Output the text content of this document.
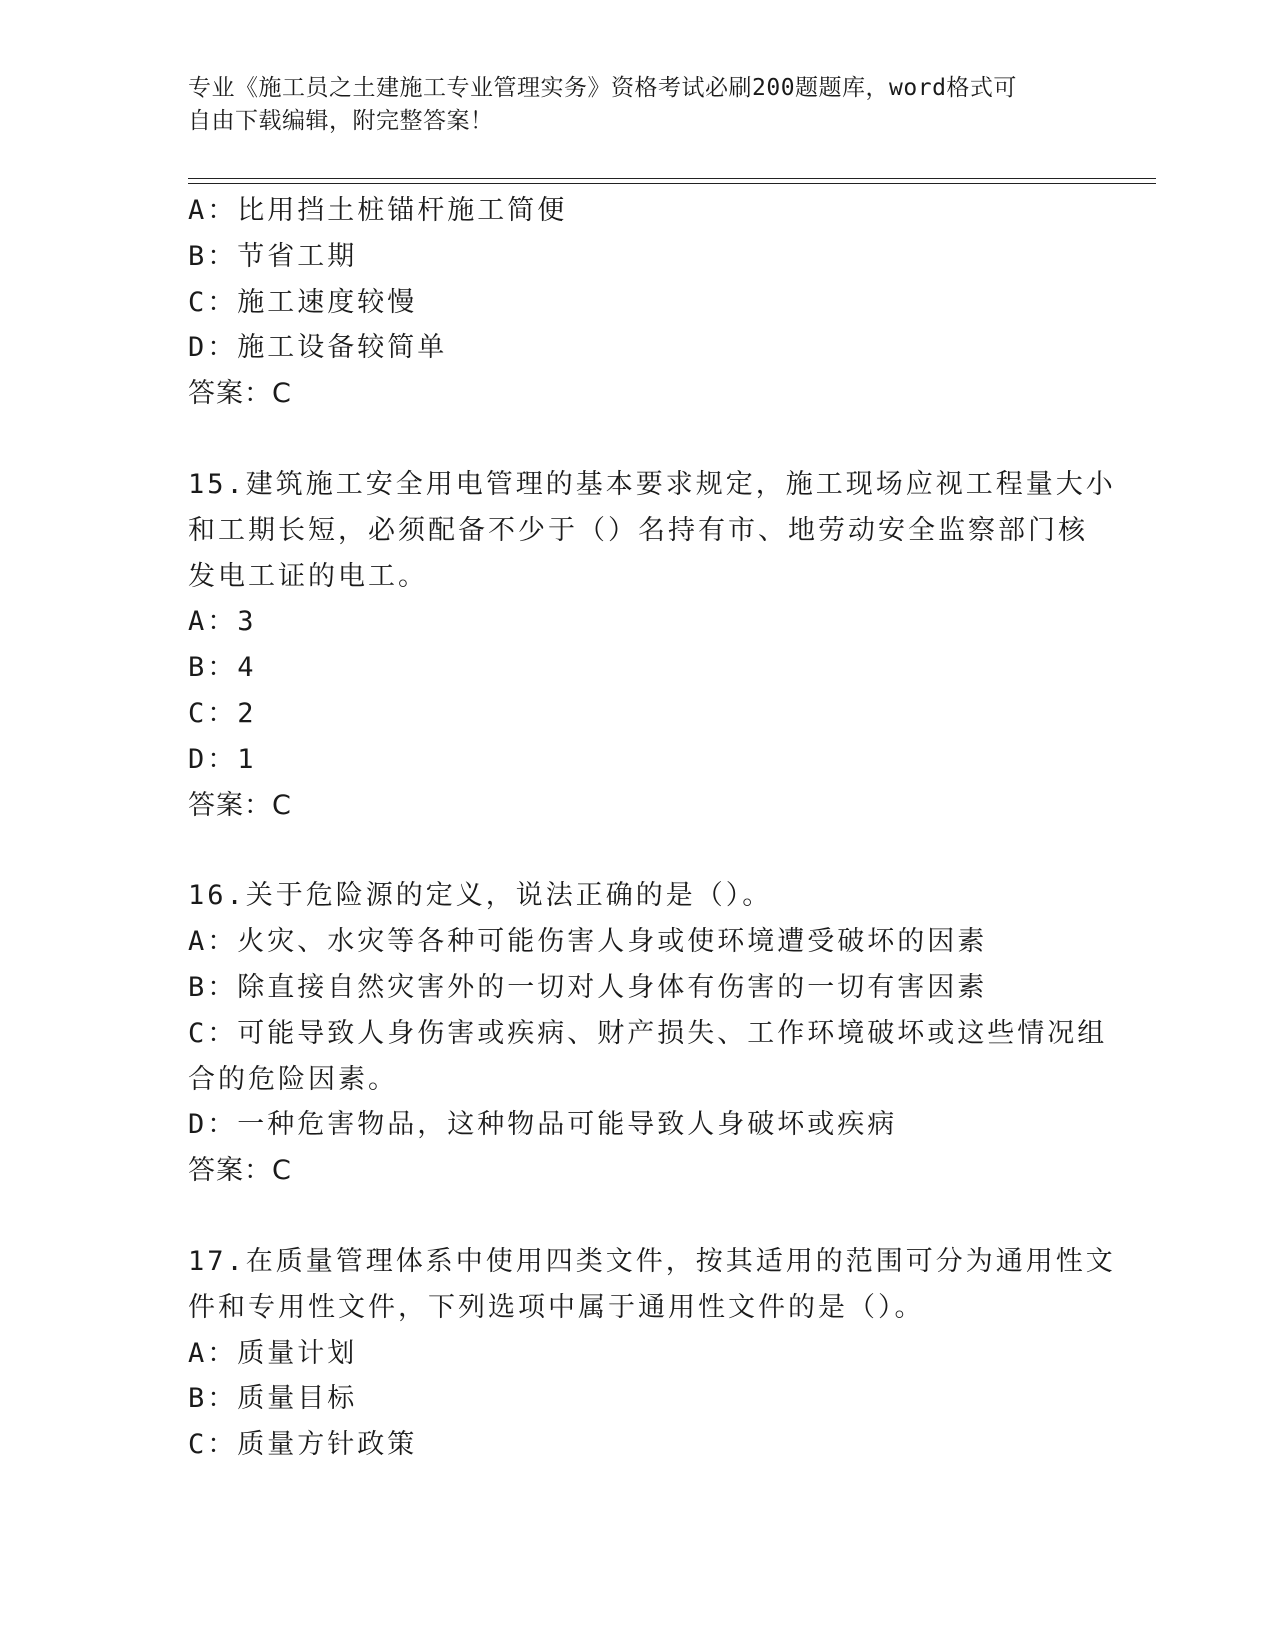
专业《施工员之土建施工专业管理实务》资格考试必刷200题题库，word格式可
自由下载编辑，附完整答案！
A：比用挡土桩锚杆施工简便
B：节省工期
C：施工速度较慢
D：施工设备较简单
答案：C
15.建筑施工安全用电管理的基本要求规定，施工现场应视工程量大小
和工期长短，必须配备不少于（）名持有市、地劳动安全监察部门核
发电工证的电工。
A：3
B：4
C：2
D：1
答案：C
16.关于危险源的定义，说法正确的是（）。
A：火灾、水灾等各种可能伤害人身或使环境遭受破坏的因素
B：除直接自然灾害外的一切对人身体有伤害的一切有害因素
C：可能导致人身伤害或疾病、财产损失、工作环境破坏或这些情况组
合的危险因素。
D：一种危害物品，这种物品可能导致人身破坏或疾病
答案：C
17.在质量管理体系中使用四类文件，按其适用的范围可分为通用性文
件和专用性文件，下列选项中属于通用性文件的是（）。
A：质量计划
B：质量目标
C：质量方针政策
